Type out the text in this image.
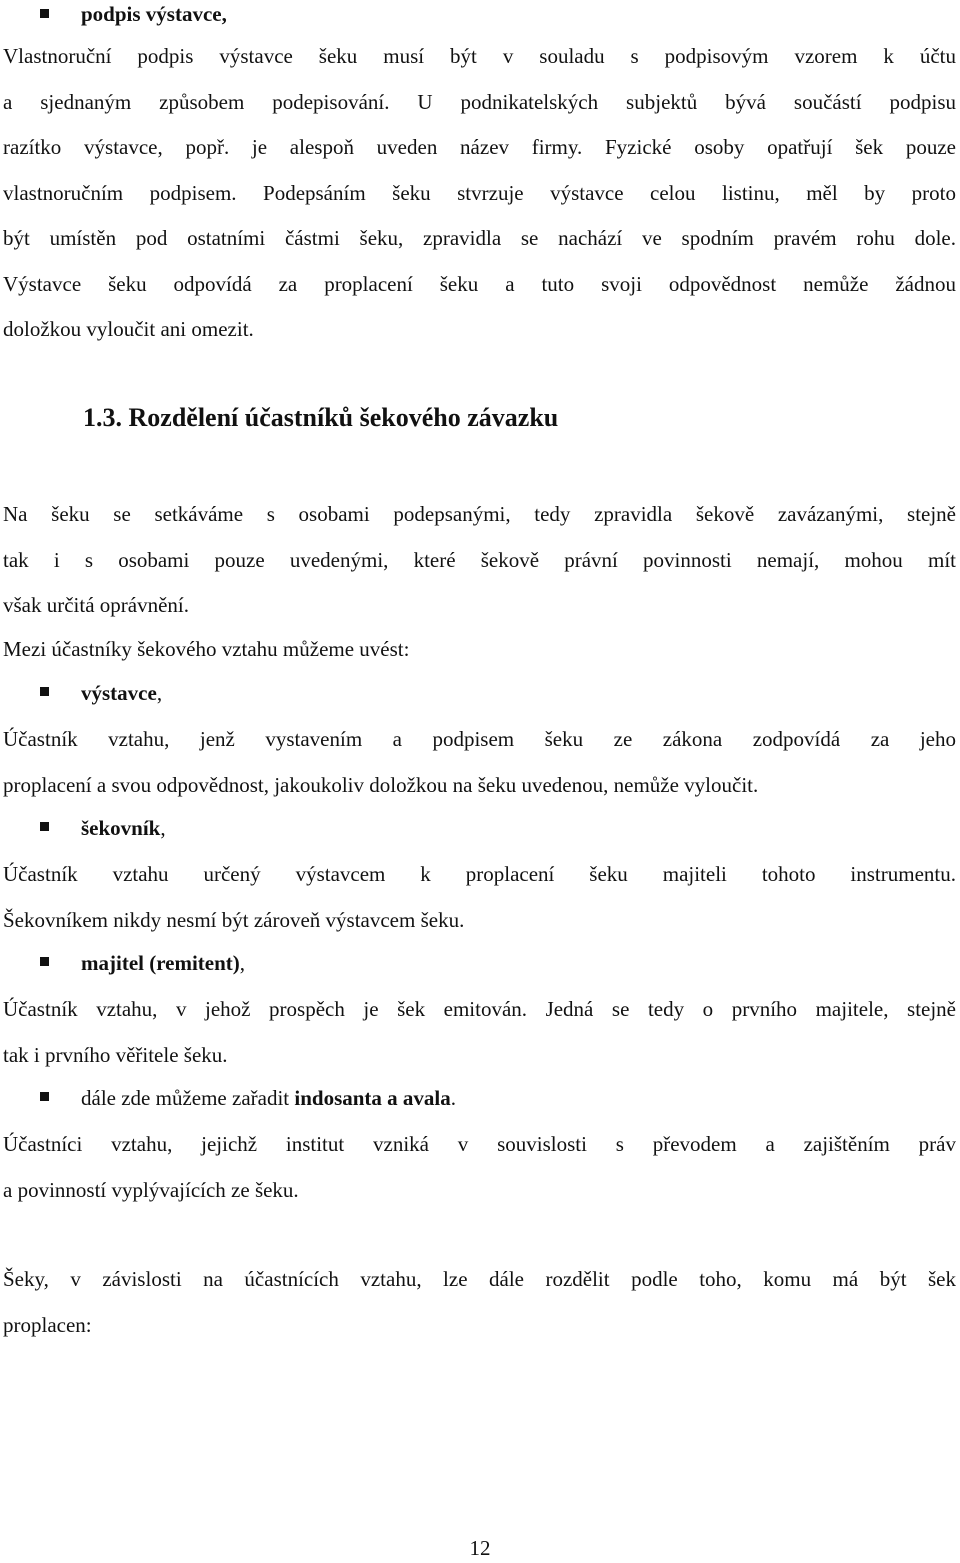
podpis výstavce,
Vlastnoruční podpis výstavce šeku musí být v souladu s podpisovým vzorem k účtu
a sjednaným způsobem podepisování. U podnikatelských subjektů bývá součástí podpisu
razítko výstavce, popř. je alespoň uveden název firmy. Fyzické osoby opatřují šek pouze
vlastnoručním podpisem. Podepsáním šeku stvrzuje výstavce celou listinu, měl by proto
být umístěn pod ostatními částmi šeku, zpravidla se nachází ve spodním pravém rohu dole.
Výstavce šeku odpovídá za proplacení šeku a tuto svoji odpovědnost nemůže žádnou
doložkou vyloučit ani omezit.
1.3. Rozdělení účastníků šekového závazku
Na šeku se setkáváme s osobami podepsanými, tedy zpravidla šekově zavázanými, stejně
tak i s osobami pouze uvedenými, které šekově právní povinnosti nemají, mohou mít
však určitá oprávnění.
Mezi účastníky šekového vztahu můžeme uvést:
výstavce,
Účastník vztahu, jenž vystavením a podpisem šeku ze zákona zodpovídá za jeho
proplacení a svou odpovědnost, jakoukoliv doložkou na šeku uvedenou, nemůže vyloučit.
šekovník,
Účastník vztahu určený výstavcem k proplacení šeku majiteli tohoto instrumentu.
Šekovníkem nikdy nesmí být zároveň výstavcem šeku.
majitel (remitent),
Účastník vztahu, v jehož prospěch je šek emitován. Jedná se tedy o prvního majitele, stejně
tak i prvního věřitele šeku.
dále zde můžeme zařadit indosanta a avala.
Účastníci vztahu, jejichž institut vzniká v souvislosti s převodem a zajištěním práv
a povinností vyplývajících ze šeku.
Šeky, v závislosti na účastnících vztahu, lze dále rozdělit podle toho, komu má být šek
proplacen:
12
